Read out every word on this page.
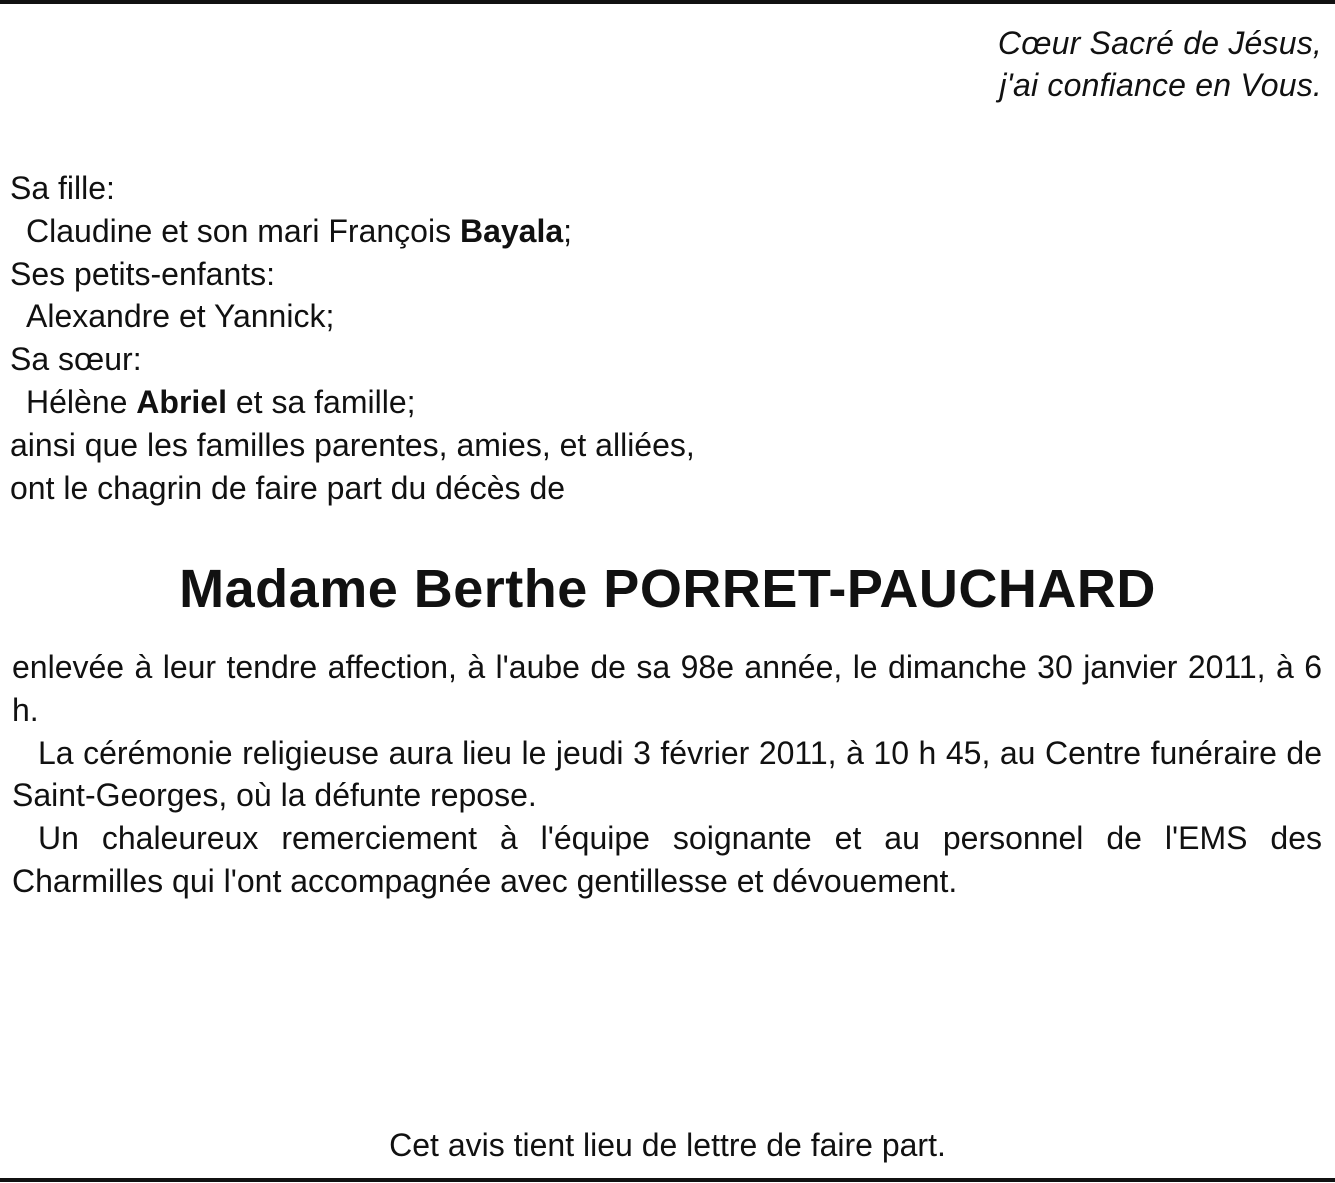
Cœur Sacré de Jésus,
j'ai confiance en Vous.
Sa fille:
Claudine et son mari François Bayala;
Ses petits-enfants:
Alexandre et Yannick;
Sa sœur:
Hélène Abriel et sa famille;
ainsi que les familles parentes, amies, et alliées,
ont le chagrin de faire part du décès de
Madame Berthe PORRET-PAUCHARD

enlevée à leur tendre affection, à l'aube de sa 98e année, le dimanche 30 janvier 2011, à 6 h.

La cérémonie religieuse aura lieu le jeudi 3 février 2011, à 10 h 45, au Centre funéraire de Saint-Georges, où la défunte repose.

Un chaleureux remerciement à l'équipe soignante et au personnel de l'EMS des Charmilles qui l'ont accompagnée avec gentillesse et dévouement.

Cet avis tient lieu de lettre de faire part.
